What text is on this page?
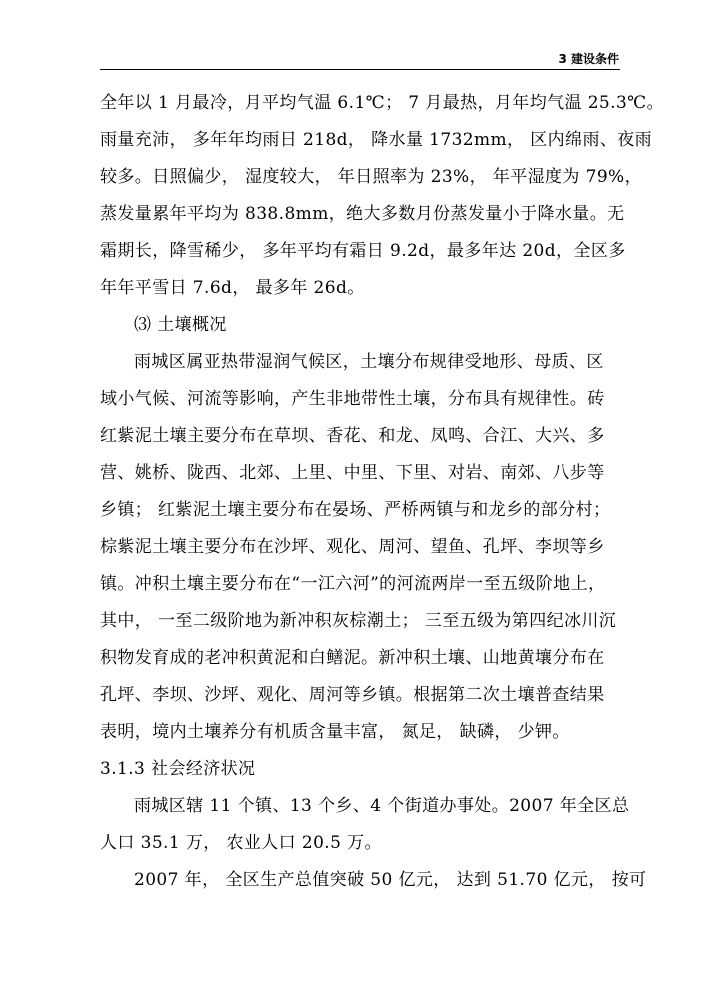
3 建设条件
全年以 1 月最冷，月平均气温 6.1℃； 7 月最热，月年均气温 25.3℃。
雨量充沛， 多年年均雨日 218d， 降水量 1732mm， 区内绵雨、夜雨
较多。日照偏少， 湿度较大， 年日照率为 23%， 年平湿度为 79%，
蒸发量累年平均为 838.8mm，绝大多数月份蒸发量小于降水量。无
霜期长，降雪稀少， 多年平均有霜日 9.2d，最多年达 20d，全区多
年年平雪日 7.6d， 最多年 26d。
⑶ 土壤概况
雨城区属亚热带湿润气候区，土壤分布规律受地形、母质、区
域小气候、河流等影响，产生非地带性土壤，分布具有规律性。砖
红紫泥土壤主要分布在草坝、香花、和龙、凤鸣、合江、大兴、多
营、姚桥、陇西、北郊、上里、中里、下里、对岩、南郊、八步等
乡镇； 红紫泥土壤主要分布在晏场、严桥两镇与和龙乡的部分村；
棕紫泥土壤主要分布在沙坪、观化、周河、望鱼、孔坪、李坝等乡
镇。冲积土壤主要分布在“一江六河”的河流两岸一至五级阶地上，
其中， 一至二级阶地为新冲积灰棕潮土； 三至五级为第四纪冰川沉
积物发育成的老冲积黄泥和白鳝泥。新冲积土壤、山地黄壤分布在
孔坪、李坝、沙坪、观化、周河等乡镇。根据第二次土壤普查结果
表明，境内土壤养分有机质含量丰富， 氮足， 缺磷， 少钾。
3.1.3 社会经济状况
雨城区辖 11 个镇、13 个乡、4 个街道办事处。2007 年全区总
人口 35.1 万， 农业人口 20.5 万。
2007 年， 全区生产总值突破 50 亿元， 达到 51.70 亿元， 按可
